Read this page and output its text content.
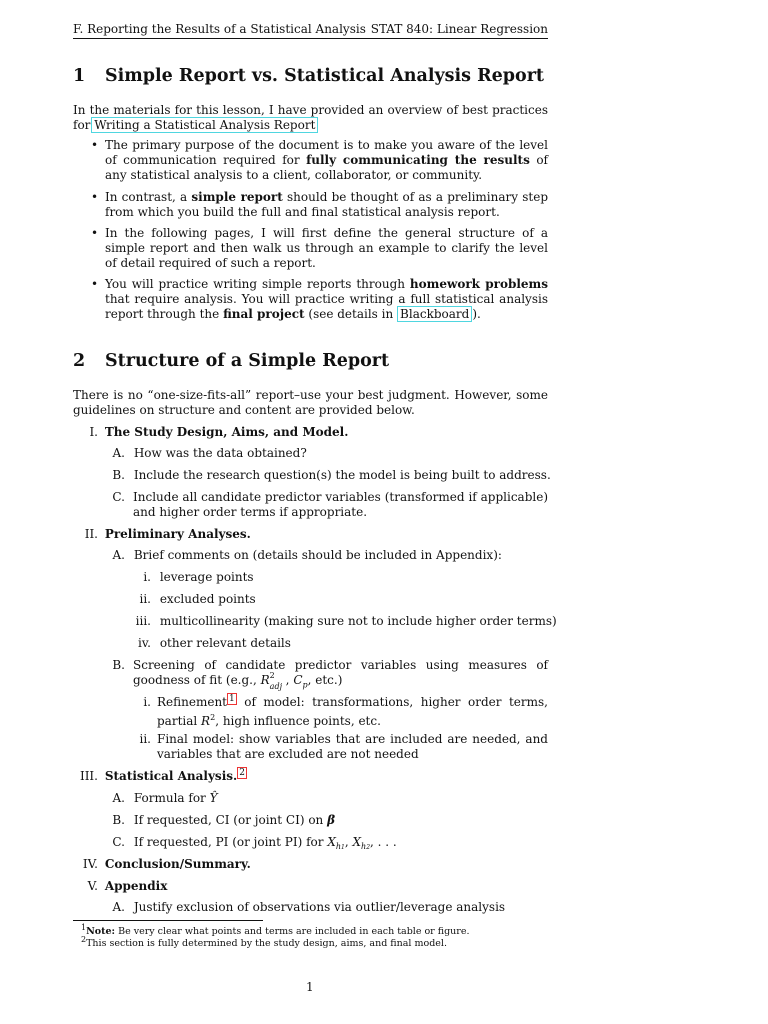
F. Reporting the Results of a Statistical Analysis STAT 840: Linear Regression
1 Simple Report vs. Statistical Analysis Report
In the materials for this lesson, I have provided an overview of best practices for Writing a Statistical Analysis Report
• The primary purpose of the document is to make you aware of the level of communication required for fully communicating the results of any statistical analysis to a client, collaborator, or community.
• In contrast, a simple report should be thought of as a preliminary step from which you build the full and final statistical analysis report.
• In the following pages, I will first define the general structure of a simple report and then walk us through an example to clarify the level of detail required of such a report.
• You will practice writing simple reports through homework problems that require analysis. You will practice writing a full statistical analysis report through the final project (see details in Blackboard ).
2 Structure of a Simple Report
There is no “one-size-fits-all” report–use your best judgment. However, some guidelines on structure and content are provided below.
I. The Study Design, Aims, and Model.
A. How was the data obtained?
B. Include the research question(s) the model is being built to address.
C. Include all candidate predictor variables (transformed if applicable) and higher order terms if appropriate.
II. Preliminary Analyses.
A. Brief comments on (details should be included in Appendix):
i. leverage points
ii. excluded points
iii. multicollinearity (making sure not to include higher order terms)
iv. other relevant details
B. Screening of candidate predictor variables using measures of goodness of fit (e.g., R 2
adj , $C_p$, etc.)
i. Refinement $^1$ of model: transformations, higher order terms, partial $R^2$, high influence points, etc.
ii. Final model: show variables that are included are needed, and variables that are excluded are not needed
III. Statistical Analysis. $^2$
A. Formula for Ŷ
B. If requested, CI (or joint CI) on β
C. If requested, PI (or joint PI) for $X_{h1}$, $X_{h2}$, . . .
IV. Conclusion/Summary.
V. Appendix
A. Justify exclusion of observations via outlier/leverage analysis
$^1$Note: Be very clear what points and terms are included in each table or figure.
$^2$This section is fully determined by the study design, aims, and final model.
1
